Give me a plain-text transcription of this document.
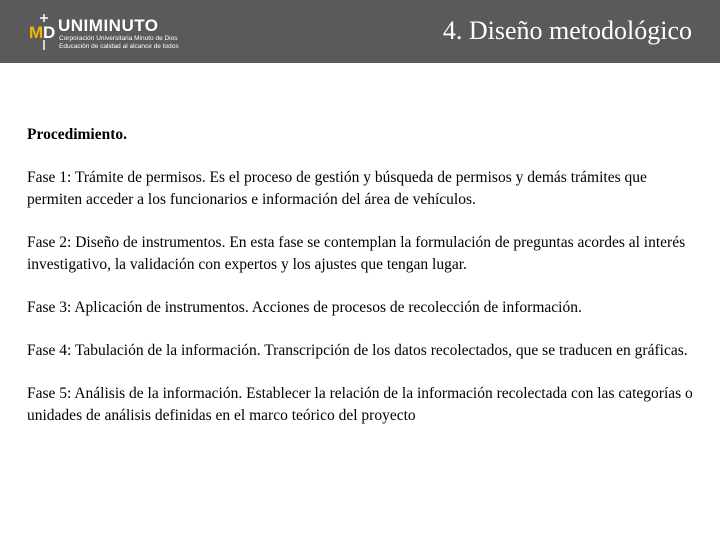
M D UNIMINUTO
Corporación Universitaria Minuto de Dios
Educación de calidad al alcance de todos
4. Diseño metodológico
Procedimiento.
Fase 1: Trámite de permisos. Es el proceso de gestión y búsqueda de permisos y demás trámites que permiten acceder a los funcionarios e información del área de vehículos.
Fase 2: Diseño de instrumentos. En esta fase se contemplan la formulación de preguntas acordes al interés investigativo, la validación con expertos y los ajustes que tengan lugar.
Fase 3: Aplicación de instrumentos. Acciones de procesos de recolección de información.
Fase 4: Tabulación de la información. Transcripción de los datos recolectados, que se traducen en gráficas.
Fase 5: Análisis de la información. Establecer la relación de la información recolectada con las categorías o unidades de análisis definidas en el marco teórico del proyecto
